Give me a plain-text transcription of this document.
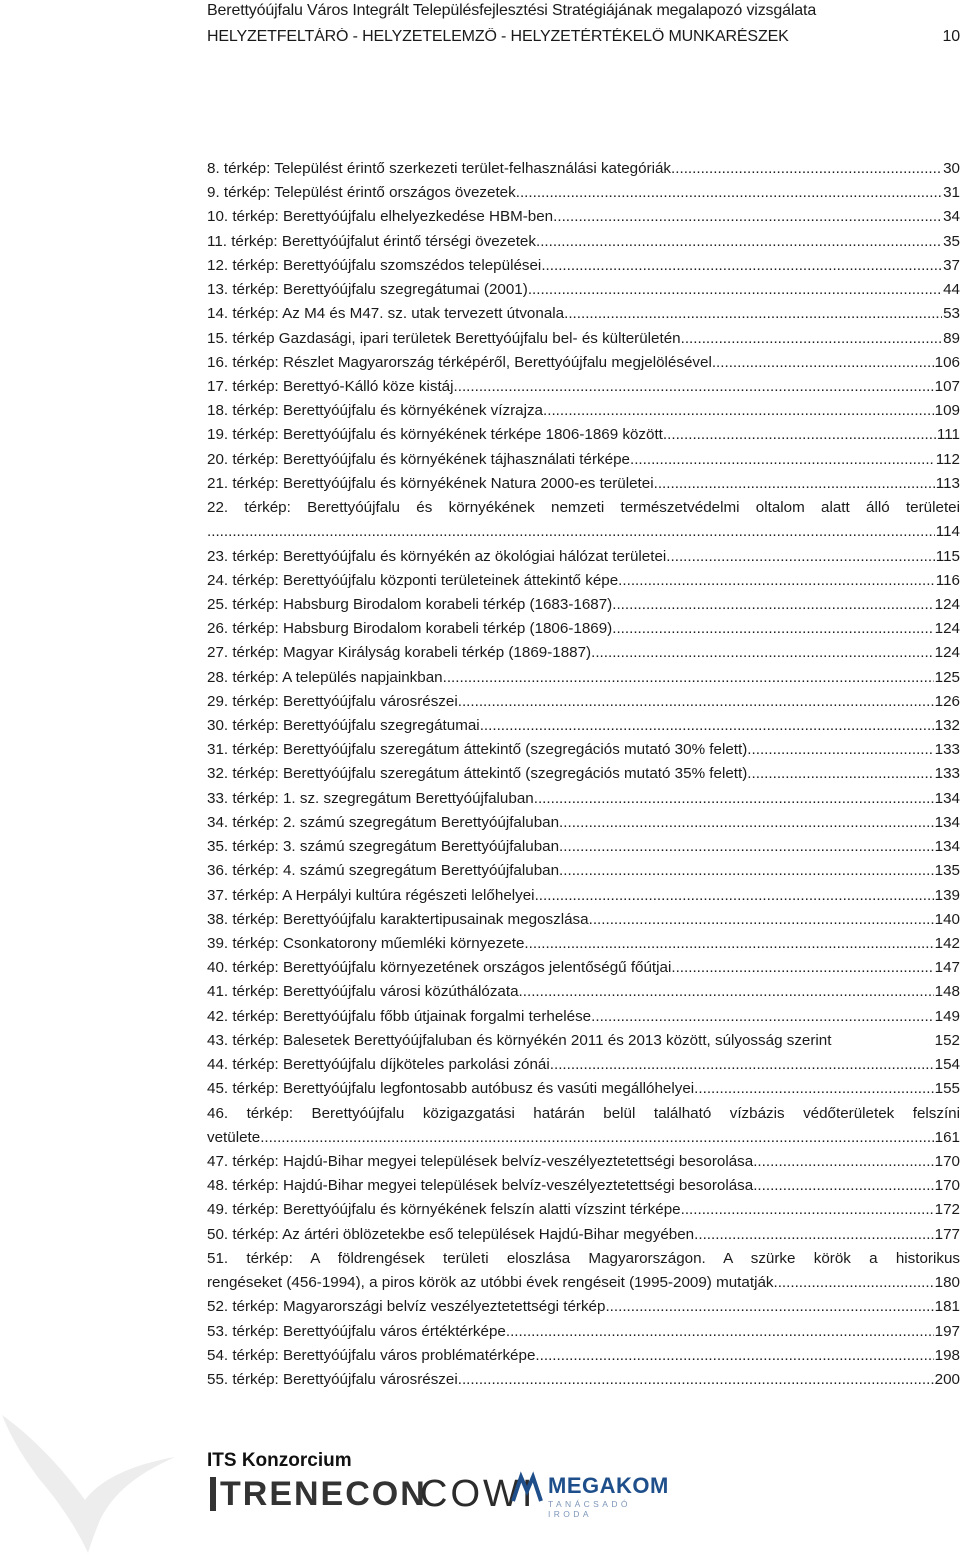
Berettyóújfalu Város Integrált Településfejlesztési Stratégiájának megalapozó vizsgálata
HELYZETFELTÁRÓ - HELYZETELEMZŐ - HELYZETÉRTÉKELŐ MUNKARÉSZEK	10
8. térkép: Települést érintő szerkezeti terület-felhasználási kategóriák .....	30
9. térkép: Települést érintő országos övezetek .....	31
10. térkép: Berettyóújfalu elhelyezkedése HBM-ben .....	34
11. térkép: Berettyóújfalut érintő térségi övezetek .....	35
12. térkép: Berettyóújfalu szomszédos települései .....	37
13. térkép: Berettyóújfalu szegregátumai (2001) .....	44
14. térkép: Az M4 és M47. sz. utak tervezett útvonala .....	53
15. térkép Gazdasági, ipari területek Berettyóújfalu bel- és külterületén .....	89
16. térkép: Részlet Magyarország térképéről, Berettyóújfalu megjelölésével .....	106
17. térkép: Berettyó-Kálló köze kistáj .....	107
18. térkép: Berettyóújfalu és környékének vízrajza .....	109
19. térkép: Berettyóújfalu és környékének térképe 1806-1869 között .....	111
20. térkép: Berettyóújfalu és környékének tájhasználati térképe .....	112
21. térkép: Berettyóújfalu és környékének Natura 2000-es területei .....	113
22. térkép: Berettyóújfalu és környékének nemzeti természetvédelmi oltalom alatt álló területei
.....
114
23. térkép: Berettyóújfalu és környékén az ökológiai hálózat területei .....	115
24. térkép: Berettyóújfalu központi területeinek áttekintő képe .....	116
25. térkép: Habsburg Birodalom korabeli térkép (1683-1687) .....	124
26. térkép: Habsburg Birodalom korabeli térkép (1806-1869) .....	124
27. térkép: Magyar Királyság korabeli térkép (1869-1887) .....	124
28. térkép: A település napjainkban .....	125
29. térkép: Berettyóújfalu városrészei .....	126
30. térkép: Berettyóújfalu szegregátumai .....	132
31. térkép: Berettyóújfalu szeregátum áttekintő (szegregációs mutató 30% felett) .....	133
32. térkép: Berettyóújfalu szeregátum áttekintő (szegregációs mutató 35% felett) .....	133
33. térkép: 1. sz. szegregátum Berettyóújfaluban .....	134
34. térkép: 2. számú szegregátum Berettyóújfaluban .....	134
35. térkép: 3. számú szegregátum Berettyóújfaluban .....	134
36. térkép: 4. számú szegregátum Berettyóújfaluban .....	135
37. térkép: A Herpályi kultúra régészeti lelőhelyei .....	139
38. térkép: Berettyóújfalu karaktertipusainak megoszlása .....	140
39. térkép: Csonkatorony műemléki környezete .....	142
40. térkép: Berettyóújfalu környezetének országos jelentőségű főútjai .....	147
41. térkép: Berettyóújfalu városi közúthálózata .....	148
42. térkép: Berettyóújfalu főbb útjainak forgalmi terhelése .....	149
43. térkép: Balesetek Berettyóújfaluban és környékén 2011 és 2013 között, súlyosság szerint	152
44. térkép: Berettyóújfalu díjköteles parkolási zónái .....	154
45. térkép: Berettyóújfalu legfontosabb autóbusz és vasúti megállóhelyei .....	155
46. térkép: Berettyóújfalu közigazgatási határán belül található vízbázis védőterületek felszíni
vetülete .....	161
47. térkép: Hajdú-Bihar megyei települések belvíz-veszélyeztetettségi besorolása .....	170
48. térkép: Hajdú-Bihar megyei települések belvíz-veszélyeztetettségi besorolása .....	170
49. térkép: Berettyóújfalu és környékének felszín alatti vízszint térképe .....	172
50. térkép: Az ártéri öblözetekbe eső települések Hajdú-Bihar megyében .....	177
51. térkép: A földrengések területi eloszlása Magyarországon. A szürke körök a historikus
rengéseket (456-1994), a piros körök az utóbbi évek rengéseit (1995-2009) mutatják. .....	180
52. térkép: Magyarországi belvíz veszélyeztetettségi térkép .....	181
53. térkép: Berettyóújfalu város értéktérképe .....	197
54. térkép: Berettyóújfalu város problématérképe .....	198
55. térkép: Berettyóújfalu városrészei .....	200
ITS Konzorcium
TRENECON
COWI MEGAKOM
TANÁCSADÓ IRODA
